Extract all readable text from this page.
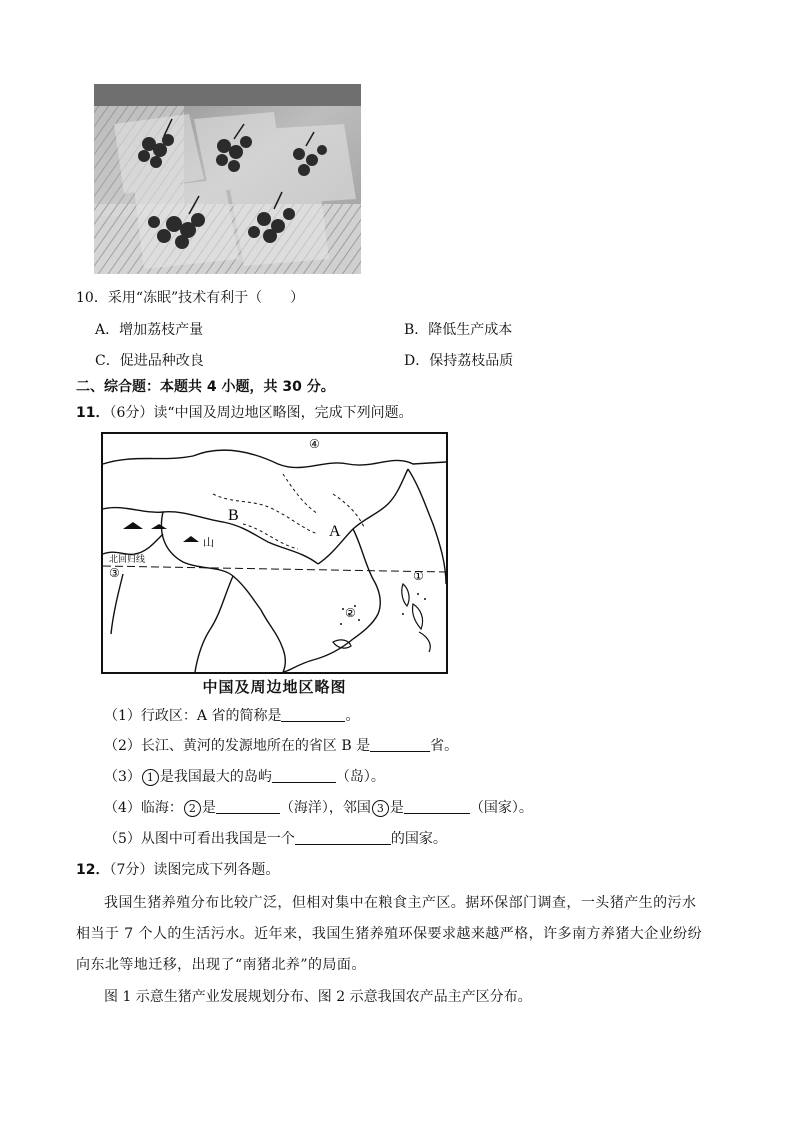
10．采用“冻眠”技术有利于（　　）
A．增加荔枝产量	B．降低生产成本
C．促进品种改良	D．保持荔枝品质
二、综合题：本题共 4 小题，共 30 分。
11．（6分）读“中国及周边地区略图，完成下列问题。
A
B
①
②
③
④
山
北回归线
中国及周边地区略图
（1）行政区：A 省的简称是	。
（2）长江、黄河的发源地所在的省区 B 是	省。
（3） 1 是我国最大的岛屿	（岛）。
（4）临海： 2 是	（海洋），邻国 3 是	（国家）。
（5）从图中可看出我国是一个	的国家。
12．（7分）读图完成下列各题。
我国生猪养殖分布比较广泛，但相对集中在粮食主产区。据环保部门调查，一头猪产生的污水
相当于 7 个人的生活污水。近年来，我国生猪养殖环保要求越来越严格，许多南方养猪大企业纷纷
向东北等地迁移，出现了“南猪北养”的局面。
图 1 示意生猪产业发展规划分布、图 2 示意我国农产品主产区分布。
